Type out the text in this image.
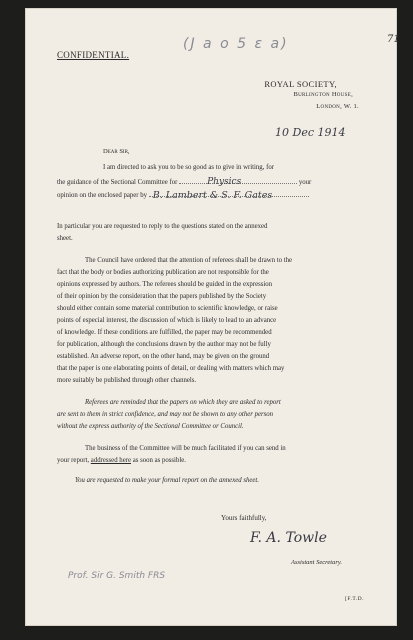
(J a o 5 ɛ a)	71
CONFIDENTIAL.
ROYAL SOCIETY,
Burlington House,
London, W. 1.
10 Dec 1914
Dear Sir,
I am directed to ask you to be so good as to give in writing, for
the guidance of the Sectional Committee for	Physics	your
opinion on the enclosed paper by B. Lambert & S. F. Gates
In particular you are requested to reply to the questions stated on the annexed
sheet.
The Council have ordered that the attention of referees shall be drawn to the
fact that the body or bodies authorizing publication are not responsible for the
opinions expressed by authors. The referees should be guided in the expression
of their opinion by the consideration that the papers published by the Society
should either contain some material contribution to scientific knowledge, or raise
points of especial interest, the discussion of which is likely to lead to an advance
of knowledge. If these conditions are fulfilled, the paper may be recommended
for publication, although the conclusions drawn by the author may not be fully
established. An adverse report, on the other hand, may be given on the ground
that the paper is one elaborating points of detail, or dealing with matters which may
more suitably be published through other channels.
Referees are reminded that the papers on which they are asked to report
are sent to them in strict confidence, and may not be shown to any other person
without the express authority of the Sectional Committee or Council.
The business of the Committee will be much facilitated if you can send in
your report, addressed here as soon as possible.
You are requested to make your formal report on the annexed sheet.
Yours faithfully,
F. A. Towle
Assistant Secretary.
Prof. Sir G. Smith FRS
[F.T.D.
